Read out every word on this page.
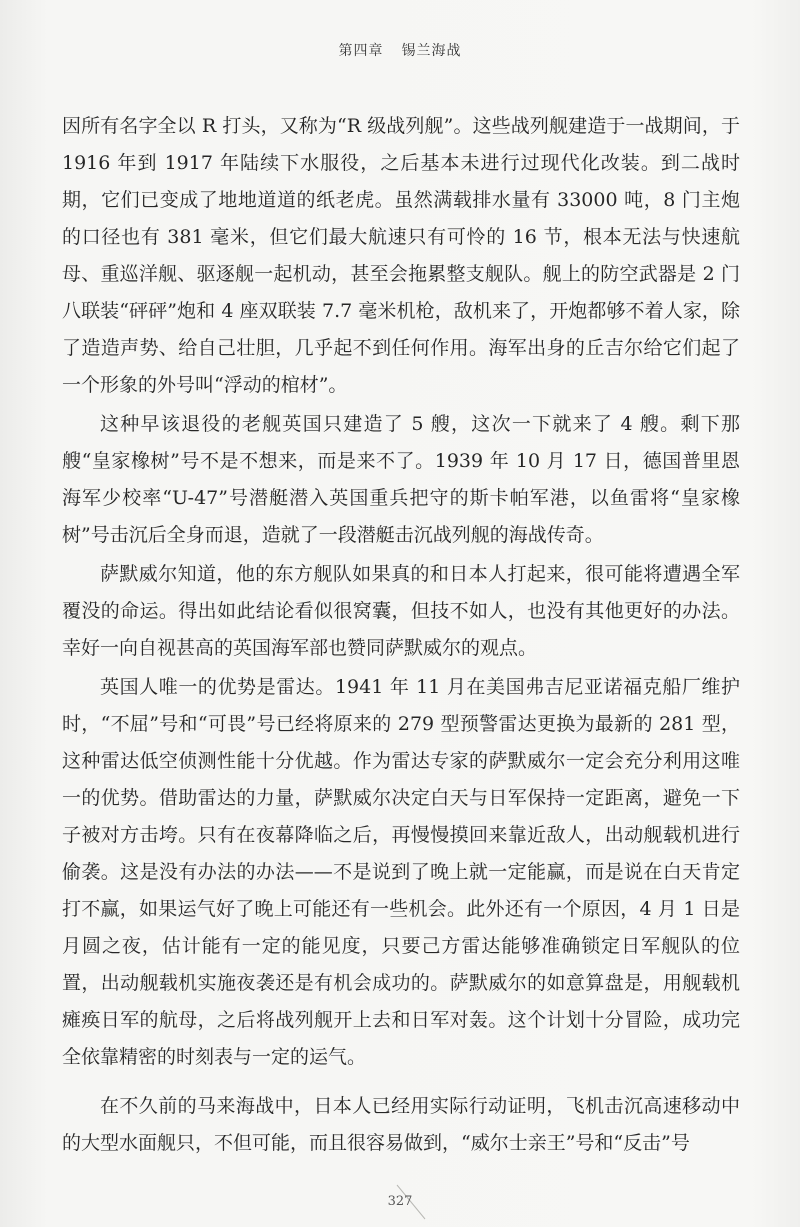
第四章 锡兰海战

因所有名字全以 R 打头，又称为“R 级战列舰”。这些战列舰建造于一战期间，于 1916 年到 1917 年陆续下水服役，之后基本未进行过现代化改装。到二战时期，它们已变成了地地道道的纸老虎。虽然满载排水量有 33000 吨，8 门主炮的口径也有 381 毫米，但它们最大航速只有可怜的 16 节，根本无法与快速航母、重巡洋舰、驱逐舰一起机动，甚至会拖累整支舰队。舰上的防空武器是 2 门八联装“砰砰”炮和 4 座双联装 7.7 毫米机枪，敌机来了，开炮都够不着人家，除了造造声势、给自己壮胆，几乎起不到任何作用。海军出身的丘吉尔给它们起了一个形象的外号叫“浮动的棺材”。

这种早该退役的老舰英国只建造了 5 艘，这次一下就来了 4 艘。剩下那艘“皇家橡树”号不是不想来，而是来不了。1939 年 10 月 17 日，德国普里恩海军少校率“U-47”号潜艇潜入英国重兵把守的斯卡帕军港，以鱼雷将“皇家橡树”号击沉后全身而退，造就了一段潜艇击沉战列舰的海战传奇。

萨默威尔知道，他的东方舰队如果真的和日本人打起来，很可能将遭遇全军覆没的命运。得出如此结论看似很窝囊，但技不如人，也没有其他更好的办法。幸好一向自视甚高的英国海军部也赞同萨默威尔的观点。

英国人唯一的优势是雷达。1941 年 11 月在美国弗吉尼亚诺福克船厂维护时，“不屈”号和“可畏”号已经将原来的 279 型预警雷达更换为最新的 281 型，这种雷达低空侦测性能十分优越。作为雷达专家的萨默威尔一定会充分利用这唯一的优势。借助雷达的力量，萨默威尔决定白天与日军保持一定距离，避免一下子被对方击垮。只有在夜幕降临之后，再慢慢摸回来靠近敌人，出动舰载机进行偷袭。这是没有办法的办法——不是说到了晚上就一定能赢，而是说在白天肯定打不赢，如果运气好了晚上可能还有一些机会。此外还有一个原因，4 月 1 日是月圆之夜，估计能有一定的能见度，只要己方雷达能够准确锁定日军舰队的位置，出动舰载机实施夜袭还是有机会成功的。萨默威尔的如意算盘是，用舰载机瘫痪日军的航母，之后将战列舰开上去和日军对轰。这个计划十分冒险，成功完全依靠精密的时刻表与一定的运气。

在不久前的马来海战中，日本人已经用实际行动证明，飞机击沉高速移动中的大型水面舰只，不但可能，而且很容易做到，“威尔士亲王”号和“反击”号

327
